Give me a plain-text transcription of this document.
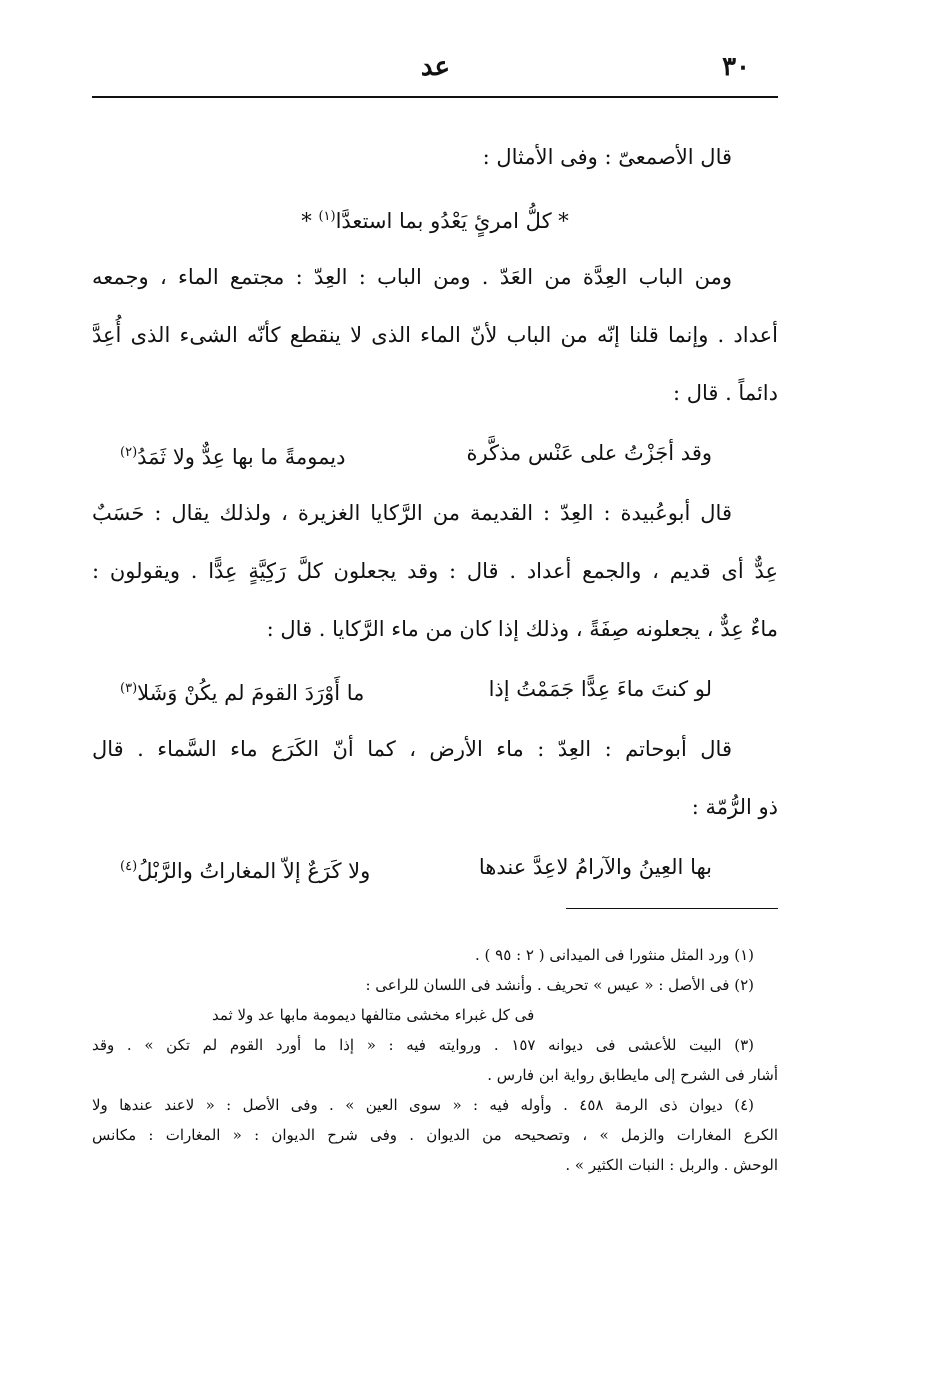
٣٠
عد
قال الأصمعىّ : وفى الأمثال :
* كلُّ امرئٍ يَعْدُو بما استعدَّا$^{(١)}$ *
ومن الباب العِدَّة من العَدّ . ومن الباب : العِدّ : مجتمع الماء ، وجمعه
أعداد . وإنما قلنا إنّه من الباب لأنّ الماء الذى لا ينقطع كأنّه الشىء الذى أُعِدَّ
دائماً . قال :
وقد أجَزْتُ على عَنْس مذكَّرة
ديمومةً ما بها عِدٌّ ولا ثَمَدُ$^{(٢)}$
قال أبوعُبيدة : العِدّ : القديمة من الرَّكايا الغزيرة ، ولذلك يقال : حَسَبٌ
عِدٌّ أى قديم ، والجمع أعداد . قال : وقد يجعلون كلَّ رَكِيَّةٍ عِدًّا . ويقولون :
ماءٌ عِدٌّ ، يجعلونه صِفَةً ، وذلك إذا كان من ماء الرَّكايا . قال :
لو كنتَ ماءَ عِدًّا جَمَمْتُ إذا
ما أَوْرَدَ القومَ لم يكُنْ وَشَلا$^{(٣)}$
قال أبوحاتم : العِدّ : ماء الأرض ، كما أنّ الكَرَع ماء السَّماء . قال
ذو الرُّمّة :
بها العِينُ والآرامُ لاعِدَّ عندها
ولا كَرَعٌ إلاّ المغاراتُ والرَّبْلُ$^{(٤)}$
(١) ورد المثل منثورا فى الميدانى ( ٢ : ٩٥ ) .
(٢) فى الأصل : « عيس » تحريف . وأنشد فى اللسان للراعى :
فى كل غبراء مخشى متالفها ديمومة مابها عد ولا ثمد
(٣) البيت للأعشى فى ديوانه ١٥٧ . وروايته فيه : « إذا ما أورد القوم لم تكن » . وقد
أشار فى الشرح إلى مايطابق رواية ابن فارس .
(٤) ديوان ذى الرمة ٤٥٨ . وأوله فيه : « سوى العين » . وفى الأصل : « لاعند عندها ولا
الكرع المغارات والزمل » ، وتصحيحه من الديوان . وفى شرح الديوان : « المغارات : مكانس
الوحش . والربل : النبات الكثير » .
